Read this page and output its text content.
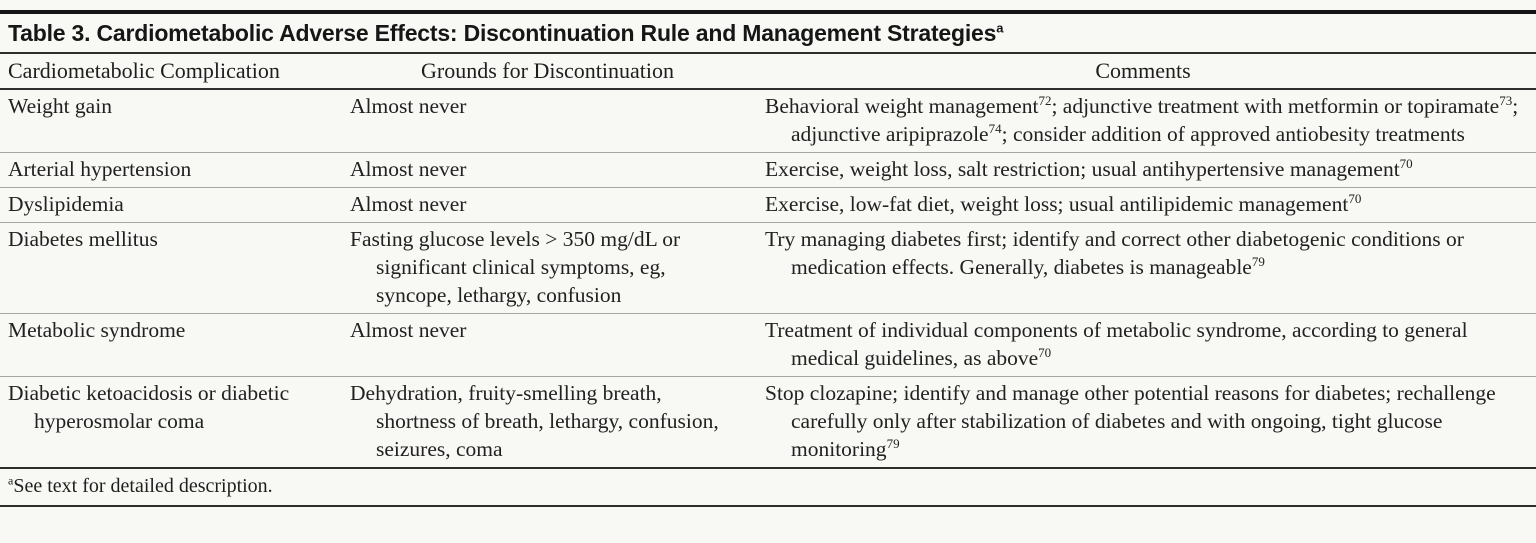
Table 3. Cardiometabolic Adverse Effects: Discontinuation Rule and Management Strategies$^a$
Cardiometabolic Complication	Grounds for Discontinuation	Comments
Weight gain	Almost never	Behavioral weight management$^{72}$; adjunctive treatment with metformin or topiramate$^{73}$; adjunctive aripiprazole$^{74}$; consider addition of approved antiobesity treatments
Arterial hypertension	Almost never	Exercise, weight loss, salt restriction; usual antihypertensive management$^{70}$
Dyslipidemia	Almost never	Exercise, low-fat diet, weight loss; usual antilipidemic management$^{70}$
Diabetes mellitus	Fasting glucose levels > 350 mg/dL or significant clinical symptoms, eg, syncope, lethargy, confusion	Try managing diabetes first; identify and correct other diabetogenic conditions or medication effects. Generally, diabetes is manageable$^{79}$
Metabolic syndrome	Almost never	Treatment of individual components of metabolic syndrome, according to general medical guidelines, as above$^{70}$
Diabetic ketoacidosis or diabetic hyperosmolar coma	Dehydration, fruity-smelling breath, shortness of breath, lethargy, confusion, seizures, coma	Stop clozapine; identify and manage other potential reasons for diabetes; rechallenge carefully only after stabilization of diabetes and with ongoing, tight glucose monitoring$^{79}$
$^a$See text for detailed description.
